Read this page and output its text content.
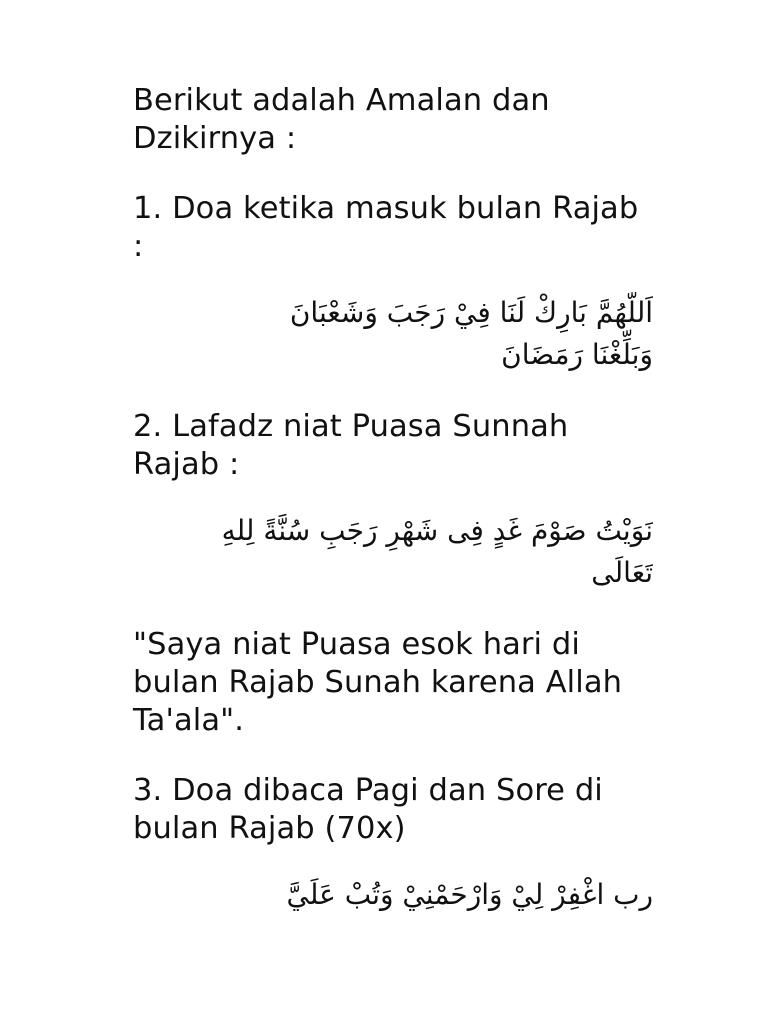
Berikut adalah Amalan dan Dzikirnya :

1. Doa ketika masuk bulan Rajab :

اَللَّهُمَّ بَارِكْ لَنَا فِيْ رَجَبَ وَشَعْبَانَ
وَبَلِّغْنَا رَمَضَانَ

2. Lafadz niat Puasa Sunnah Rajab :

نَوَيْتُ صَوْمَ غَدٍ فِى شَهْرِ رَجَبِ سُنَّةً لِلهِ
تَعَالَى

"Saya niat Puasa esok hari di bulan Rajab Sunah karena Allah Ta'ala".

3. Doa dibaca Pagi dan Sore di bulan Rajab (70x)

رب اغْفِرْ لِيْ وَارْحَمْنِيْ وَتُبْ عَلَيَّ
